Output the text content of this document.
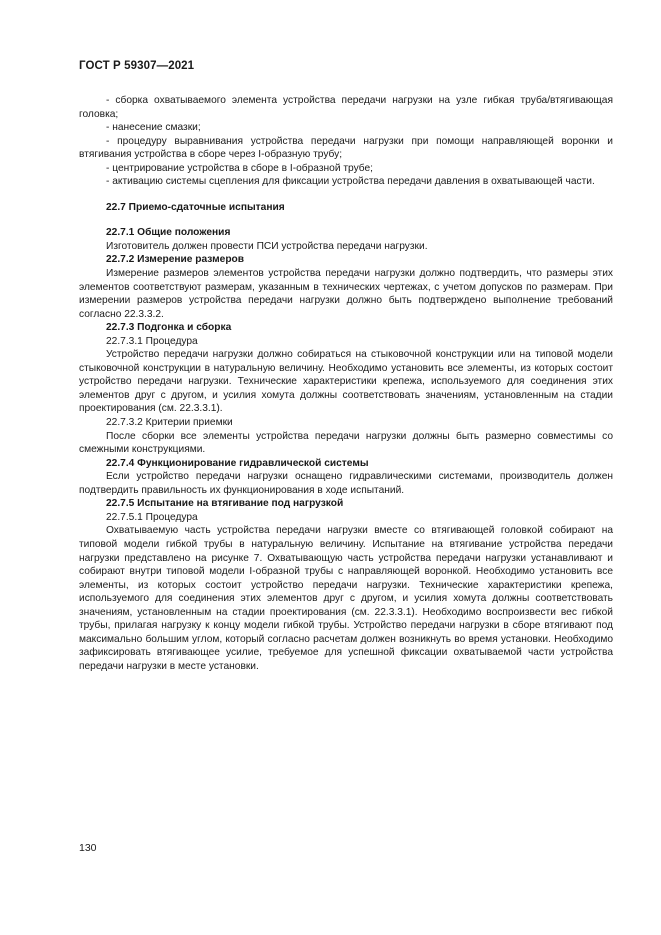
ГОСТ Р 59307—2021

- сборка охватываемого элемента устройства передачи нагрузки на узле гибкая труба/втягивающая головка;

- нанесение смазки;

- процедуру выравнивания устройства передачи нагрузки при помощи направляющей воронки и втягивания устройства в сборе через I-образную трубу;

- центрирование устройства в сборе в I-образной трубе;

- активацию системы сцепления для фиксации устройства передачи давления в охватывающей части.

22.7 Приемо-сдаточные испытания

22.7.1 Общие положения

Изготовитель должен провести ПСИ устройства передачи нагрузки.

22.7.2 Измерение размеров

Измерение размеров элементов устройства передачи нагрузки должно подтвердить, что размеры этих элементов соответствуют размерам, указанным в технических чертежах, с учетом допусков по размерам. При измерении размеров устройства передачи нагрузки должно быть подтверждено выполнение требований согласно 22.3.3.2.

22.7.3 Подгонка и сборка

22.7.3.1 Процедура

Устройство передачи нагрузки должно собираться на стыковочной конструкции или на типовой модели стыковочной конструкции в натуральную величину. Необходимо установить все элементы, из которых состоит устройство передачи нагрузки. Технические характеристики крепежа, используемого для соединения этих элементов друг с другом, и усилия хомута должны соответствовать значениям, установленным на стадии проектирования (см. 22.3.3.1).

22.7.3.2 Критерии приемки

После сборки все элементы устройства передачи нагрузки должны быть размерно совместимы со смежными конструкциями.

22.7.4 Функционирование гидравлической системы

Если устройство передачи нагрузки оснащено гидравлическими системами, производитель должен подтвердить правильность их функционирования в ходе испытаний.

22.7.5 Испытание на втягивание под нагрузкой

22.7.5.1 Процедура

Охватываемую часть устройства передачи нагрузки вместе со втягивающей головкой собирают на типовой модели гибкой трубы в натуральную величину. Испытание на втягивание устройства передачи нагрузки представлено на рисунке 7. Охватывающую часть устройства передачи нагрузки устанавливают и собирают внутри типовой модели I-образной трубы с направляющей воронкой. Необходимо установить все элементы, из которых состоит устройство передачи нагрузки. Технические характеристики крепежа, используемого для соединения этих элементов друг с другом, и усилия хомута должны соответствовать значениям, установленным на стадии проектирования (см. 22.3.3.1). Необходимо воспроизвести вес гибкой трубы, прилагая нагрузку к концу модели гибкой трубы. Устройство передачи нагрузки в сборе втягивают под максимально большим углом, который согласно расчетам должен возникнуть во время установки. Необходимо зафиксировать втягивающее усилие, требуемое для успешной фиксации охватываемой части устройства передачи нагрузки в месте установки.

130
